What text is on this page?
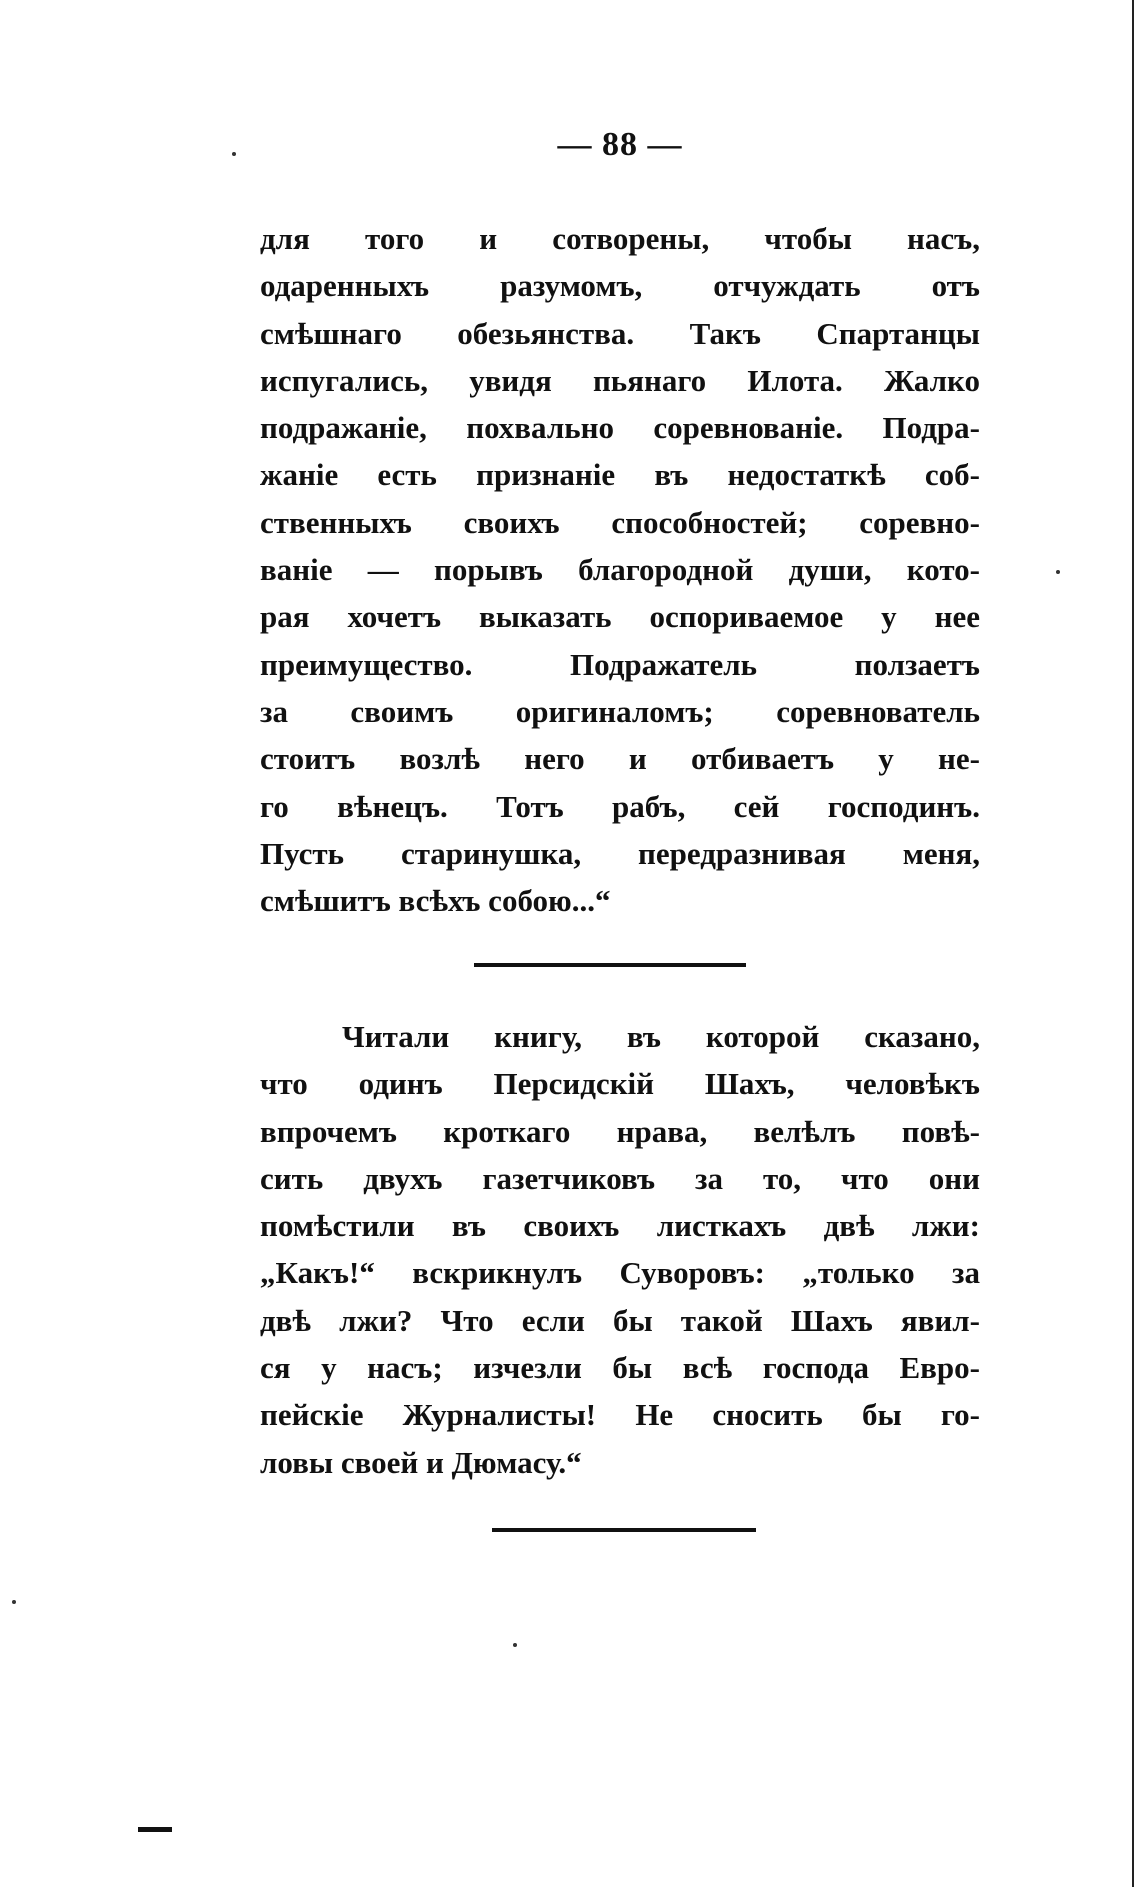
— 88 —
для того и сотворены, чтобы насъ,
одаренныхъ разумомъ, отчуждать отъ
смѣшнаго обезьянства. Такъ Спартанцы
испугались, увидя пьянаго Илота. Жалко
подражаніе, похвально соревнованіе. Подра-
жаніе есть признаніе въ недостаткѣ соб-
ственныхъ своихъ способностей; соревно-
ваніе — порывъ благородной души, кото-
рая хочетъ выказать оспориваемое у нее
преимущество. Подражатель ползаетъ
за своимъ оригиналомъ; соревнователь
стоитъ возлѣ него и отбиваетъ у не-
го вѣнецъ. Тотъ рабъ, сей господинъ.
Пусть старинушка, передразнивая меня,
смѣшитъ всѣхъ собою...“
Читали книгу, въ которой сказано,
что одинъ Персидскій Шахъ, человѣкъ
впрочемъ кроткаго нрава, велѣлъ повѣ-
сить двухъ газетчиковъ за то, что они
помѣстили въ своихъ листкахъ двѣ лжи:
„Какъ!“ вскрикнулъ Суворовъ: „только за
двѣ лжи? Что если бы такой Шахъ явил-
ся у насъ; изчезли бы всѣ господа Евро-
пейскіе Журналисты! Не сносить бы го-
ловы своей и Дюмасу.“
